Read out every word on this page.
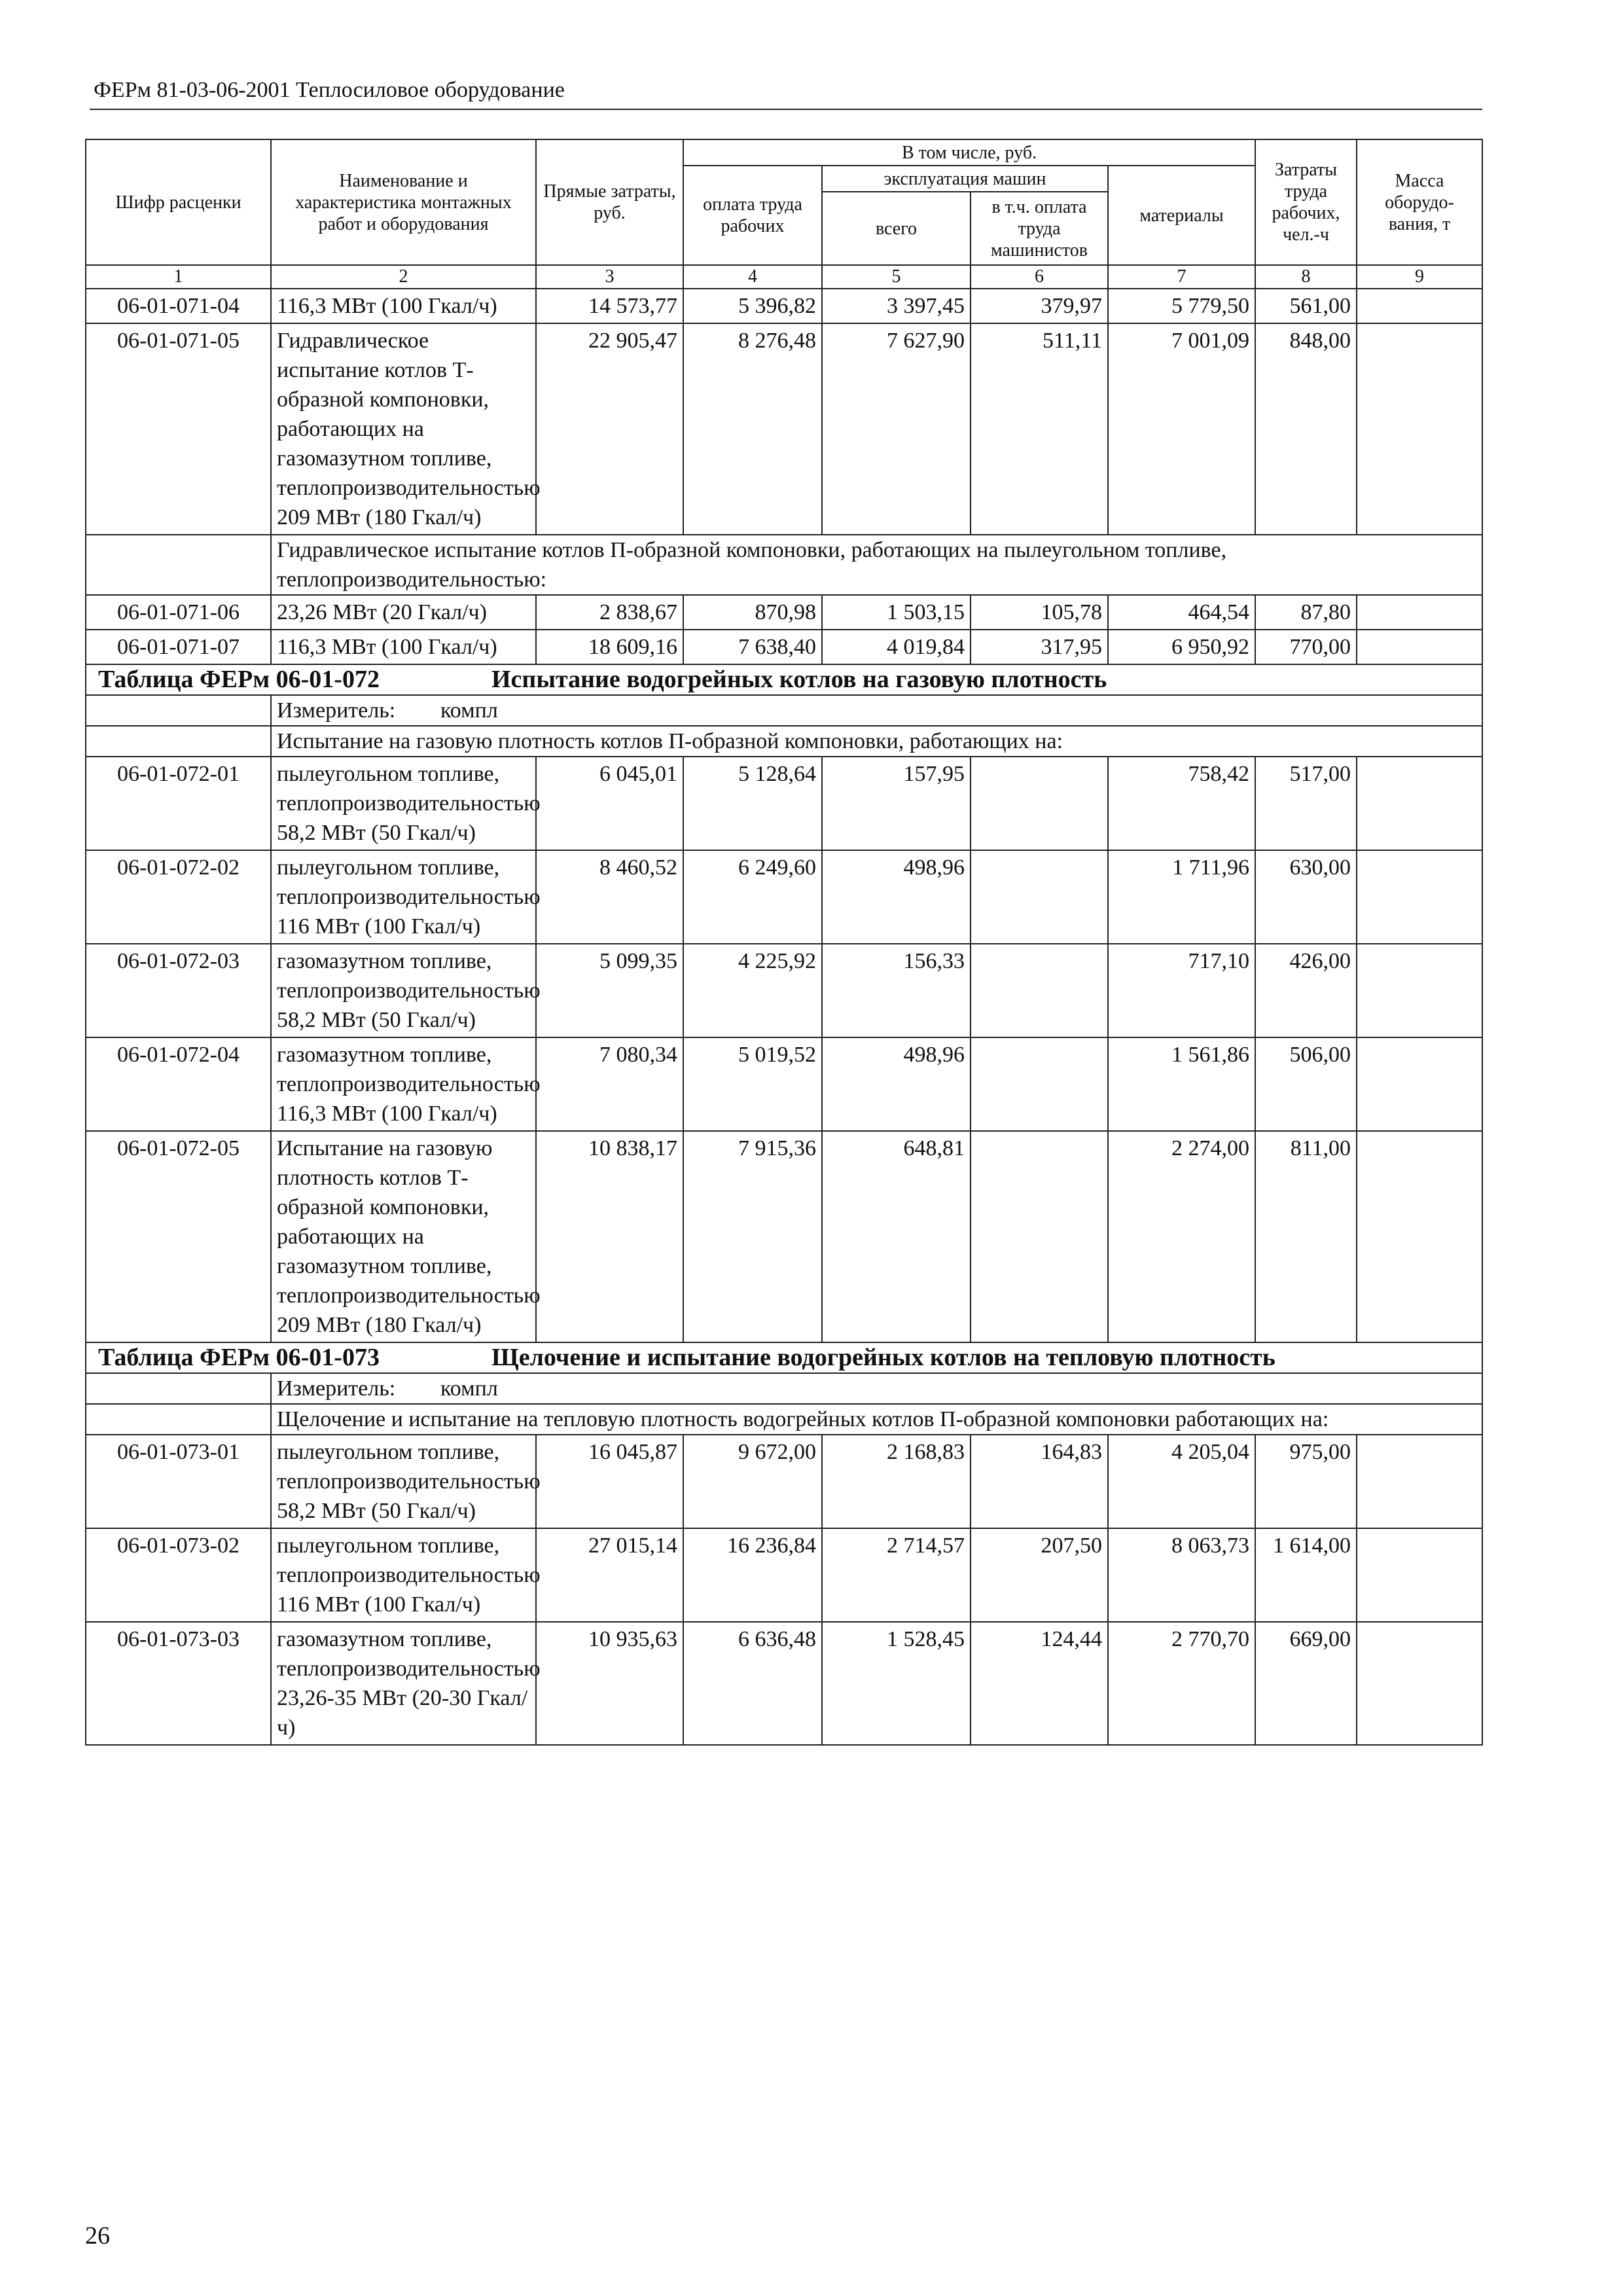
ФЕРм 81-03-06-2001 Теплосиловое оборудование
Шифр расценки	Наименование и характеристика монтажных работ и оборудования	Прямые затраты, руб.	В том числе, руб.				Затраты труда рабочих, чел.-ч	Масса оборудо-вания, т
			оплата труда рабочих	эксплуатация машин		материалы		
				всего	в т.ч. оплата труда машинистов			
1	2	3	4	5	6	7	8	9
06-01-071-04	116,3 МВт (100 Гкал/ч)	14 573,77	5 396,82	3 397,45	379,97	5 779,50	561,00	
06-01-071-05	Гидравлическое испытание котлов Т-образной компоновки, работающих на газомазутном топливе, теплопроизводительностью 209 МВт (180 Гкал/ч)	22 905,47	8 276,48	7 627,90	511,11	7 001,09	848,00	
	Гидравлическое испытание котлов П-образной компоновки, работающих на пылеугольном топливе, теплопроизводительностью:							
06-01-071-06	23,26 МВт (20 Гкал/ч)	2 838,67	870,98	1 503,15	105,78	464,54	87,80	
06-01-071-07	116,3 МВт (100 Гкал/ч)	18 609,16	7 638,40	4 019,84	317,95	6 950,92	770,00	
Таблица ФЕРм 06-01-072 Испытание водогрейных котлов на газовую плотность								
	Измеритель: компл							
	Испытание на газовую плотность котлов П-образной компоновки, работающих на:							
06-01-072-01	пылеугольном топливе, теплопроизводительностью 58,2 МВт (50 Гкал/ч)	6 045,01	5 128,64	157,95		758,42	517,00	
06-01-072-02	пылеугольном топливе, теплопроизводительностью 116 МВт (100 Гкал/ч)	8 460,52	6 249,60	498,96		1 711,96	630,00	
06-01-072-03	газомазутном топливе, теплопроизводительностью 58,2 МВт (50 Гкал/ч)	5 099,35	4 225,92	156,33		717,10	426,00	
06-01-072-04	газомазутном топливе, теплопроизводительностью 116,3 МВт (100 Гкал/ч)	7 080,34	5 019,52	498,96		1 561,86	506,00	
06-01-072-05	Испытание на газовую плотность котлов Т-образной компоновки, работающих на газомазутном топливе, теплопроизводительностью 209 МВт (180 Гкал/ч)	10 838,17	7 915,36	648,81		2 274,00	811,00	
Таблица ФЕРм 06-01-073 Щелочение и испытание водогрейных котлов на тепловую плотность								
	Измеритель: компл							
	Щелочение и испытание на тепловую плотность водогрейных котлов П-образной компоновки работающих на:							
06-01-073-01	пылеугольном топливе, теплопроизводительностью 58,2 МВт (50 Гкал/ч)	16 045,87	9 672,00	2 168,83	164,83	4 205,04	975,00	
06-01-073-02	пылеугольном топливе, теплопроизводительностью 116 МВт (100 Гкал/ч)	27 015,14	16 236,84	2 714,57	207,50	8 063,73	1 614,00	
06-01-073-03	газомазутном топливе, теплопроизводительностью 23,26-35 МВт (20-30 Гкал/ч)	10 935,63	6 636,48	1 528,45	124,44	2 770,70	669,00	
26
